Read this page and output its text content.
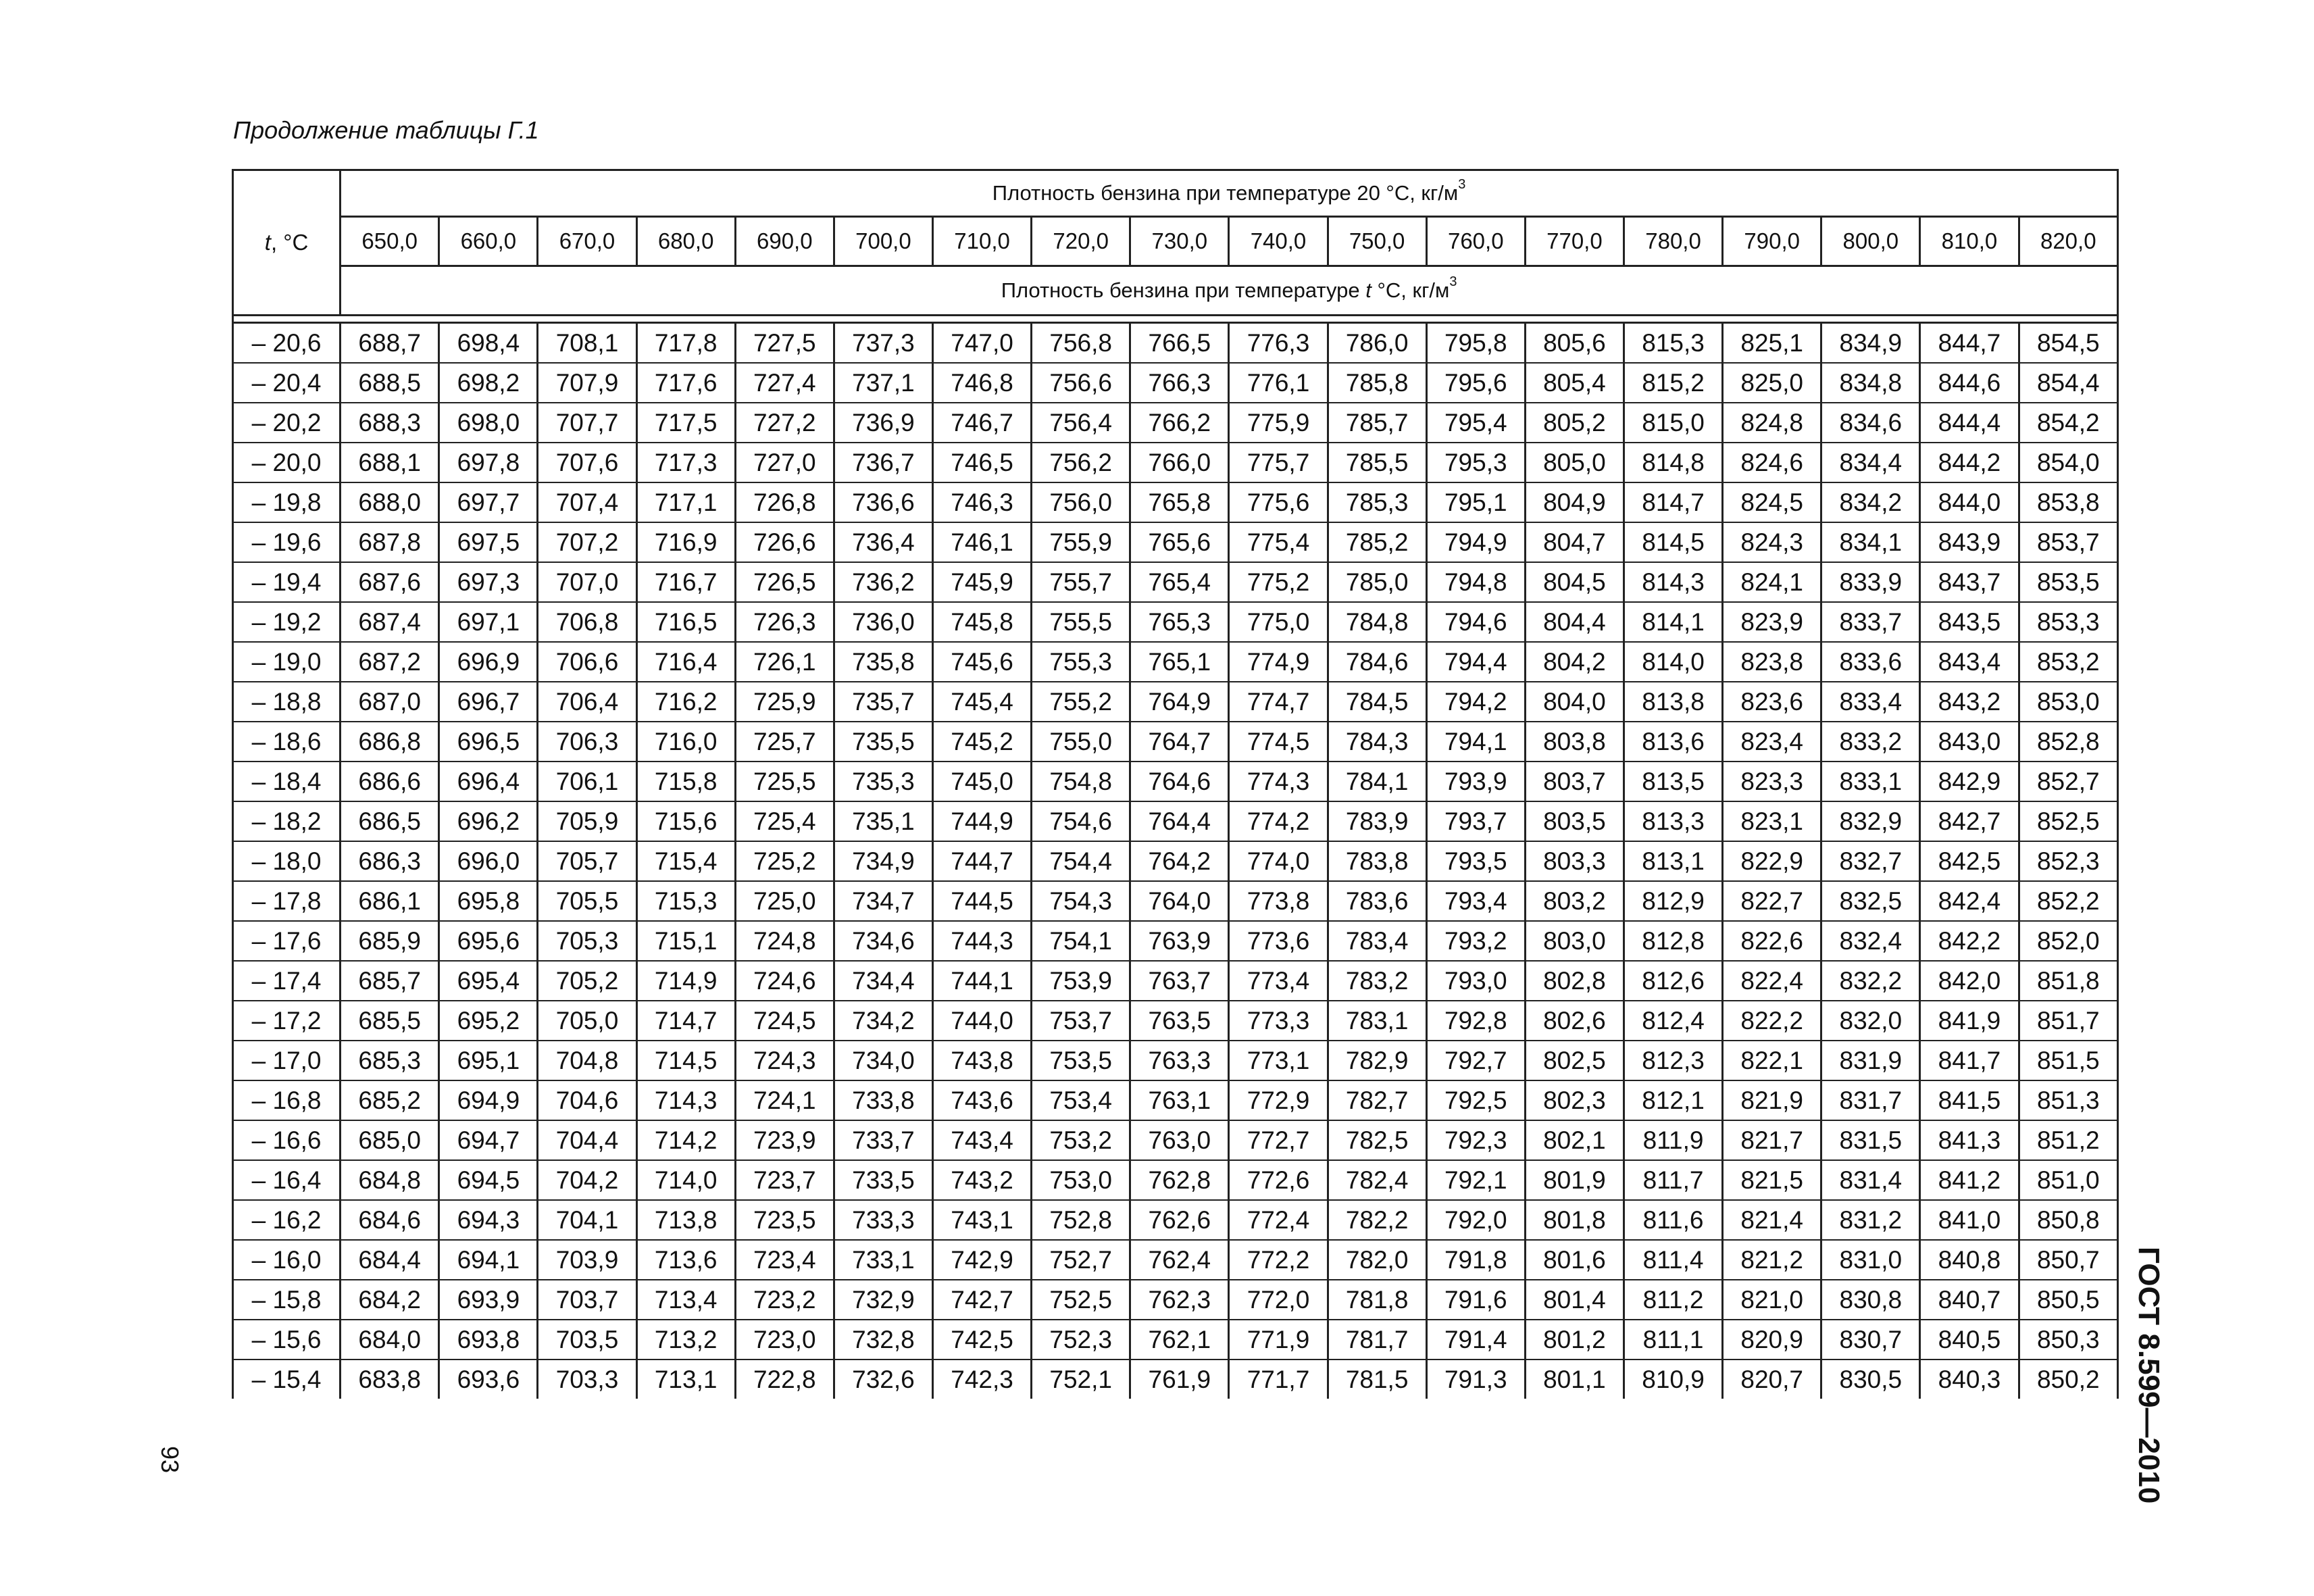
Продолжение таблицы Г.1
t, °C	Плотность бензина при температуре 20 °С, $кг/м^3$
	650,0	660,0	670,0	680,0	690,0	700,0	710,0	720,0	730,0	740,0	750,0	760,0	770,0	780,0	790,0	800,0	810,0	820,0
	Плотность бензина при температуре t °С, $кг/м^3$

– 20,6	688,7	698,4	708,1	717,8	727,5	737,3	747,0	756,8	766,5	776,3	786,0	795,8	805,6	815,3	825,1	834,9	844,7	854,5
– 20,4	688,5	698,2	707,9	717,6	727,4	737,1	746,8	756,6	766,3	776,1	785,8	795,6	805,4	815,2	825,0	834,8	844,6	854,4
– 20,2	688,3	698,0	707,7	717,5	727,2	736,9	746,7	756,4	766,2	775,9	785,7	795,4	805,2	815,0	824,8	834,6	844,4	854,2
– 20,0	688,1	697,8	707,6	717,3	727,0	736,7	746,5	756,2	766,0	775,7	785,5	795,3	805,0	814,8	824,6	834,4	844,2	854,0
– 19,8	688,0	697,7	707,4	717,1	726,8	736,6	746,3	756,0	765,8	775,6	785,3	795,1	804,9	814,7	824,5	834,2	844,0	853,8
– 19,6	687,8	697,5	707,2	716,9	726,6	736,4	746,1	755,9	765,6	775,4	785,2	794,9	804,7	814,5	824,3	834,1	843,9	853,7
– 19,4	687,6	697,3	707,0	716,7	726,5	736,2	745,9	755,7	765,4	775,2	785,0	794,8	804,5	814,3	824,1	833,9	843,7	853,5
– 19,2	687,4	697,1	706,8	716,5	726,3	736,0	745,8	755,5	765,3	775,0	784,8	794,6	804,4	814,1	823,9	833,7	843,5	853,3
– 19,0	687,2	696,9	706,6	716,4	726,1	735,8	745,6	755,3	765,1	774,9	784,6	794,4	804,2	814,0	823,8	833,6	843,4	853,2
– 18,8	687,0	696,7	706,4	716,2	725,9	735,7	745,4	755,2	764,9	774,7	784,5	794,2	804,0	813,8	823,6	833,4	843,2	853,0
– 18,6	686,8	696,5	706,3	716,0	725,7	735,5	745,2	755,0	764,7	774,5	784,3	794,1	803,8	813,6	823,4	833,2	843,0	852,8
– 18,4	686,6	696,4	706,1	715,8	725,5	735,3	745,0	754,8	764,6	774,3	784,1	793,9	803,7	813,5	823,3	833,1	842,9	852,7
– 18,2	686,5	696,2	705,9	715,6	725,4	735,1	744,9	754,6	764,4	774,2	783,9	793,7	803,5	813,3	823,1	832,9	842,7	852,5
– 18,0	686,3	696,0	705,7	715,4	725,2	734,9	744,7	754,4	764,2	774,0	783,8	793,5	803,3	813,1	822,9	832,7	842,5	852,3
– 17,8	686,1	695,8	705,5	715,3	725,0	734,7	744,5	754,3	764,0	773,8	783,6	793,4	803,2	812,9	822,7	832,5	842,4	852,2
– 17,6	685,9	695,6	705,3	715,1	724,8	734,6	744,3	754,1	763,9	773,6	783,4	793,2	803,0	812,8	822,6	832,4	842,2	852,0
– 17,4	685,7	695,4	705,2	714,9	724,6	734,4	744,1	753,9	763,7	773,4	783,2	793,0	802,8	812,6	822,4	832,2	842,0	851,8
– 17,2	685,5	695,2	705,0	714,7	724,5	734,2	744,0	753,7	763,5	773,3	783,1	792,8	802,6	812,4	822,2	832,0	841,9	851,7
– 17,0	685,3	695,1	704,8	714,5	724,3	734,0	743,8	753,5	763,3	773,1	782,9	792,7	802,5	812,3	822,1	831,9	841,7	851,5
– 16,8	685,2	694,9	704,6	714,3	724,1	733,8	743,6	753,4	763,1	772,9	782,7	792,5	802,3	812,1	821,9	831,7	841,5	851,3
– 16,6	685,0	694,7	704,4	714,2	723,9	733,7	743,4	753,2	763,0	772,7	782,5	792,3	802,1	811,9	821,7	831,5	841,3	851,2
– 16,4	684,8	694,5	704,2	714,0	723,7	733,5	743,2	753,0	762,8	772,6	782,4	792,1	801,9	811,7	821,5	831,4	841,2	851,0
– 16,2	684,6	694,3	704,1	713,8	723,5	733,3	743,1	752,8	762,6	772,4	782,2	792,0	801,8	811,6	821,4	831,2	841,0	850,8
– 16,0	684,4	694,1	703,9	713,6	723,4	733,1	742,9	752,7	762,4	772,2	782,0	791,8	801,6	811,4	821,2	831,0	840,8	850,7
– 15,8	684,2	693,9	703,7	713,4	723,2	732,9	742,7	752,5	762,3	772,0	781,8	791,6	801,4	811,2	821,0	830,8	840,7	850,5
– 15,6	684,0	693,8	703,5	713,2	723,0	732,8	742,5	752,3	762,1	771,9	781,7	791,4	801,2	811,1	820,9	830,7	840,5	850,3
– 15,4	683,8	693,6	703,3	713,1	722,8	732,6	742,3	752,1	761,9	771,7	781,5	791,3	801,1	810,9	820,7	830,5	840,3	850,2
93	ГОСТ 8.599—2010
